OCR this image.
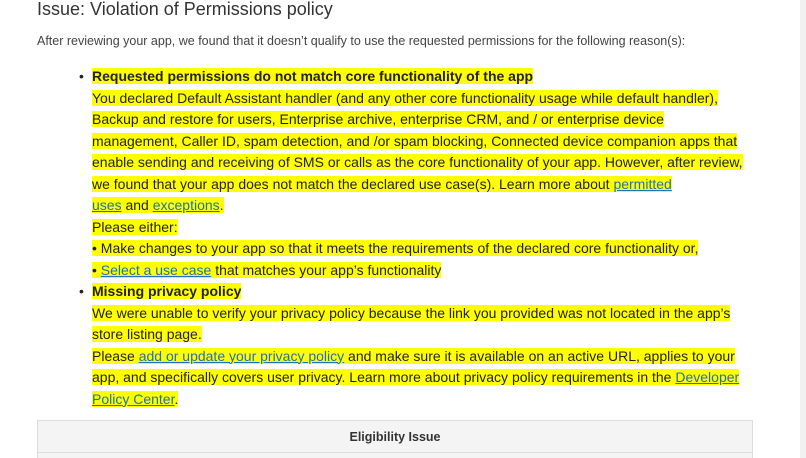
Issue: Violation of Permissions policy
After reviewing your app, we found that it doesn’t qualify to use the requested permissions for the following reason(s):
• Requested permissions do not match core functionality of the app
You declared Default Assistant handler (and any other core functionality usage while default handler),
Backup and restore for users, Enterprise archive, enterprise CRM, and / or enterprise device
management, Caller ID, spam detection, and /or spam blocking, Connected device companion apps that
enable sending and receiving of SMS or calls as the core functionality of your app. However, after review,
we found that your app does not match the declared use case(s). Learn more about permitted
uses and exceptions.
Please either:
• Make changes to your app so that it meets the requirements of the declared core functionality or,
• Select a use case that matches your app’s functionality
• Missing privacy policy
We were unable to verify your privacy policy because the link you provided was not located in the app’s
store listing page.
Please add or update your privacy policy and make sure it is available on an active URL, applies to your
app, and specifically covers user privacy. Learn more about privacy policy requirements in the Developer
Policy Center.
Eligibility Issue
